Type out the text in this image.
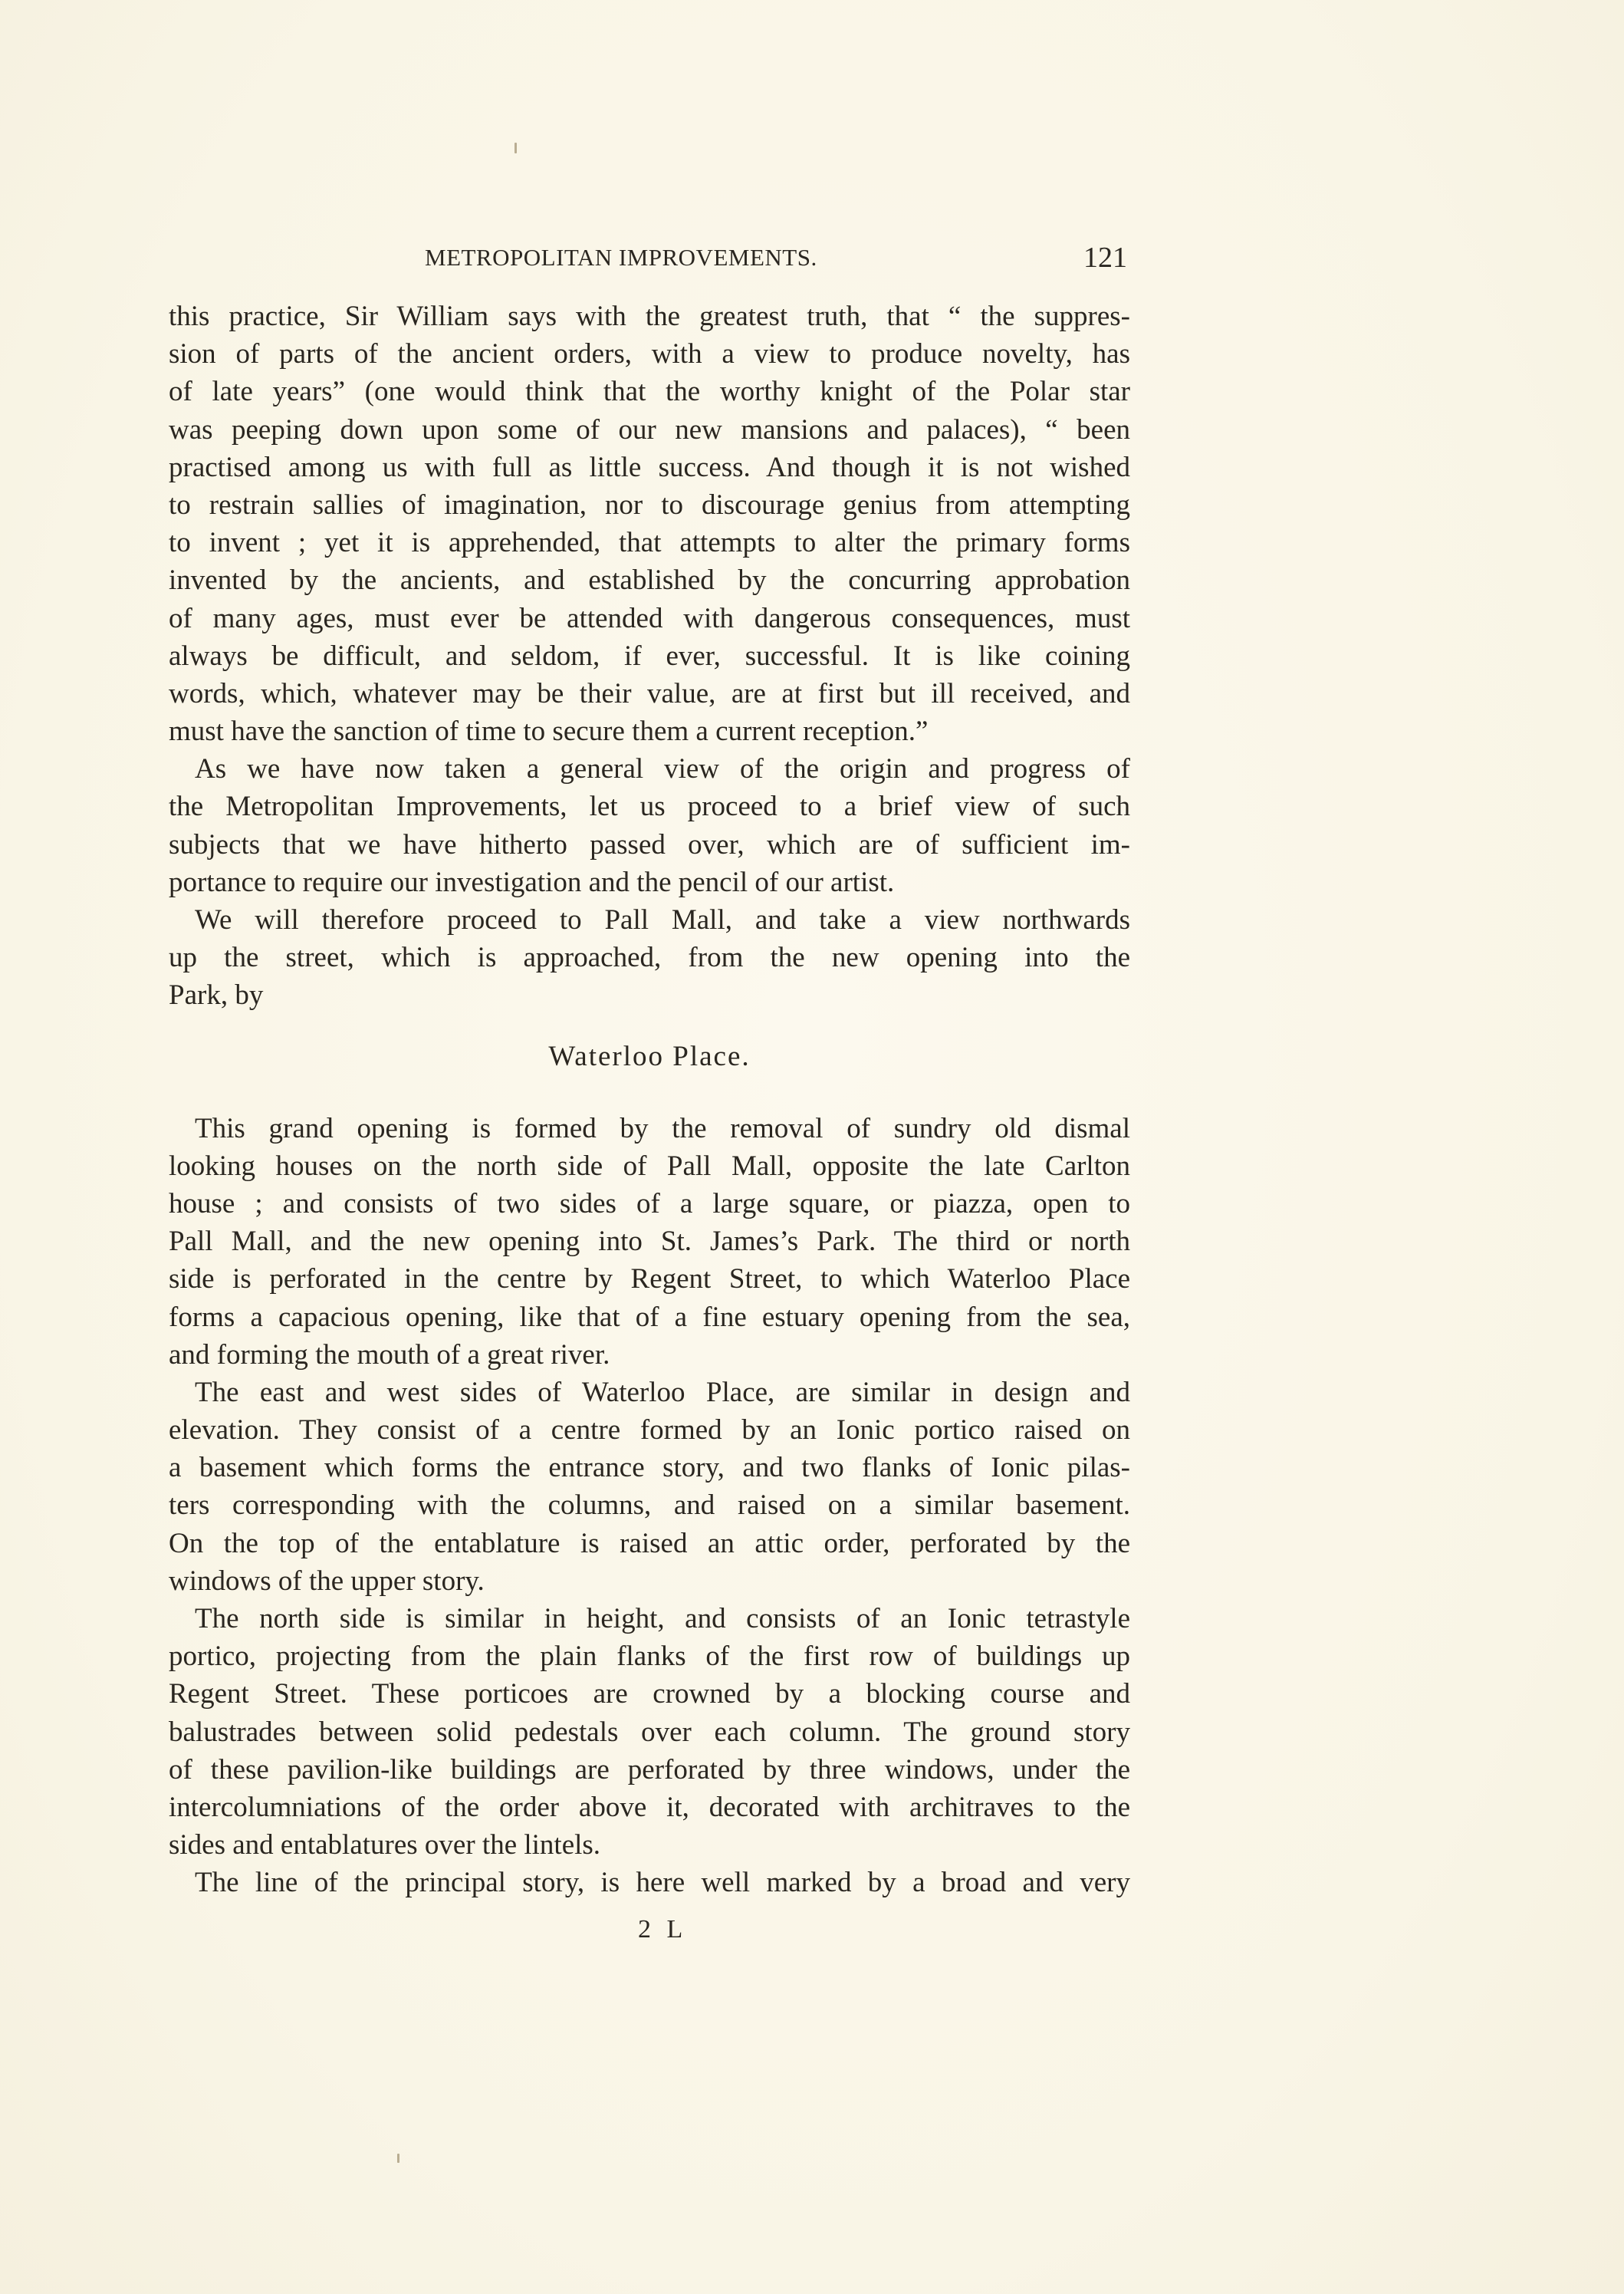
METROPOLITAN IMPROVEMENTS.	121
this practice, Sir William says with the greatest truth, that “ the suppres-
sion of parts of the ancient orders, with a view to produce novelty, has
of late years” (one would think that the worthy knight of the Polar star
was peeping down upon some of our new mansions and palaces), “ been
practised among us with full as little success. And though it is not wished
to restrain sallies of imagination, nor to discourage genius from attempting
to invent ; yet it is apprehended, that attempts to alter the primary forms
invented by the ancients, and established by the concurring approbation
of many ages, must ever be attended with dangerous consequences, must
always be difficult, and seldom, if ever, successful. It is like coining
words, which, whatever may be their value, are at first but ill received, and
must have the sanction of time to secure them a current reception.”
As we have now taken a general view of the origin and progress of
the Metropolitan Improvements, let us proceed to a brief view of such
subjects that we have hitherto passed over, which are of sufficient im-
portance to require our investigation and the pencil of our artist.
We will therefore proceed to Pall Mall, and take a view northwards
up the street, which is approached, from the new opening into the
Park, by
Waterloo Place.
This grand opening is formed by the removal of sundry old dismal
looking houses on the north side of Pall Mall, opposite the late Carlton
house ; and consists of two sides of a large square, or piazza, open to
Pall Mall, and the new opening into St. James’s Park. The third or north
side is perforated in the centre by Regent Street, to which Waterloo Place
forms a capacious opening, like that of a fine estuary opening from the sea,
and forming the mouth of a great river.
The east and west sides of Waterloo Place, are similar in design and
elevation. They consist of a centre formed by an Ionic portico raised on
a basement which forms the entrance story, and two flanks of Ionic pilas-
ters corresponding with the columns, and raised on a similar basement.
On the top of the entablature is raised an attic order, perforated by the
windows of the upper story.
The north side is similar in height, and consists of an Ionic tetrastyle
portico, projecting from the plain flanks of the first row of buildings up
Regent Street. These porticoes are crowned by a blocking course and
balustrades between solid pedestals over each column. The ground story
of these pavilion-like buildings are perforated by three windows, under the
intercolumniations of the order above it, decorated with architraves to the
sides and entablatures over the lintels.
The line of the principal story, is here well marked by a broad and very
2 L
